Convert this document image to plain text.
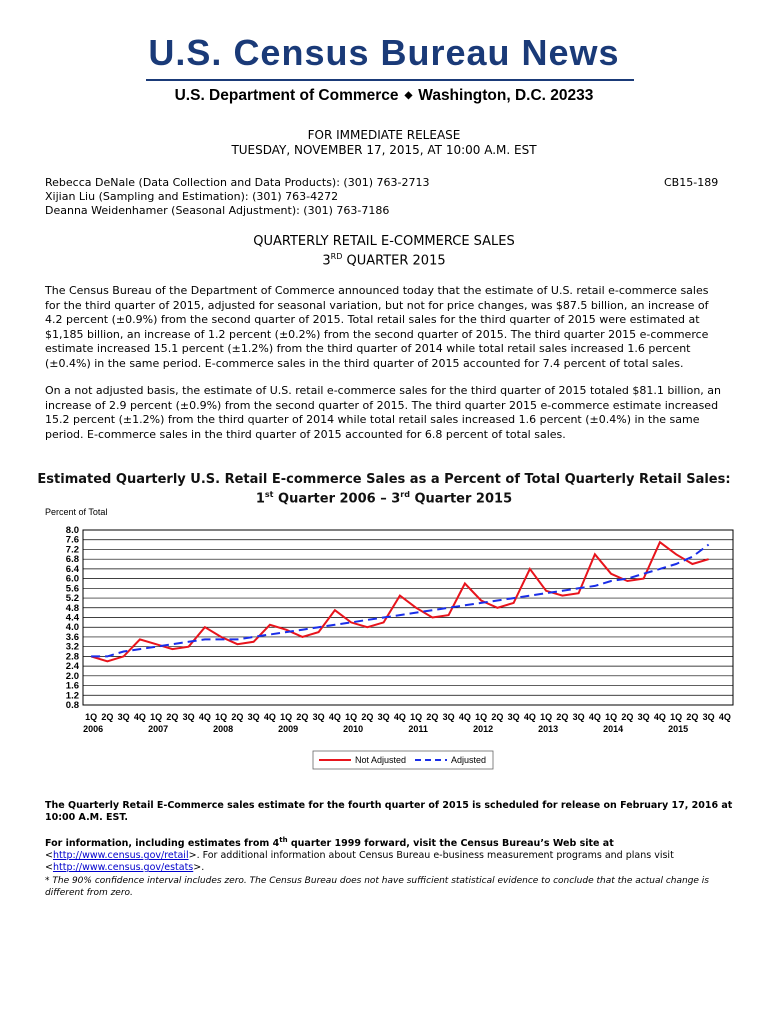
U.S. Census Bureau News
U.S. Department of Commerce ◆ Washington, D.C. 20233
FOR IMMEDIATE RELEASE
TUESDAY, NOVEMBER 17, 2015, AT 10:00 A.M. EST
Rebecca DeNale (Data Collection and Data Products): (301) 763-2713
Xijian Liu (Sampling and Estimation): (301) 763-4272
Deanna Weidenhamer (Seasonal Adjustment): (301) 763-7186
CB15-189
QUARTERLY RETAIL E-COMMERCE SALES
3RD QUARTER 2015
The Census Bureau of the Department of Commerce announced today that the estimate of U.S. retail e-commerce sales for the third quarter of 2015, adjusted for seasonal variation, but not for price changes, was $87.5 billion, an increase of 4.2 percent (±0.9%) from the second quarter of 2015. Total retail sales for the third quarter of 2015 were estimated at $1,185 billion, an increase of 1.2 percent (±0.2%) from the second quarter of 2015. The third quarter 2015 e-commerce estimate increased 15.1 percent (±1.2%) from the third quarter of 2014 while total retail sales increased 1.6 percent (±0.4%) in the same period. E-commerce sales in the third quarter of 2015 accounted for 7.4 percent of total sales.
On a not adjusted basis, the estimate of U.S. retail e-commerce sales for the third quarter of 2015 totaled $81.1 billion, an increase of 2.9 percent (±0.9%) from the second quarter of 2015. The third quarter 2015 e-commerce estimate increased 15.2 percent (±1.2%) from the third quarter of 2014 while total retail sales increased 1.6 percent (±0.4%) in the same period. E-commerce sales in the third quarter of 2015 accounted for 6.8 percent of total sales.
Estimated Quarterly U.S. Retail E-commerce Sales as a Percent of Total Quarterly Retail Sales:
1st Quarter 2006 – 3rd Quarter 2015
Percent of Total
0.8
1.2
1.6
2.0
2.4
2.8
3.2
3.6
4.0
4.4
4.8
5.2
5.6
6.0
6.4
6.8
7.2
7.6
8.0
1Q 2Q 3Q 4Q
2006
1Q 2Q 3Q 4Q
2007
1Q 2Q 3Q 4Q
2008
1Q 2Q 3Q 4Q
2009
1Q 2Q 3Q 4Q
2010
1Q 2Q 3Q 4Q
2011
1Q 2Q 3Q 4Q
2012
1Q 2Q 3Q 4Q
2013
1Q 2Q 3Q 4Q
2014
1Q 2Q 3Q 4Q
2015
Not Adjusted	Adjusted
The Quarterly Retail E-Commerce sales estimate for the fourth quarter of 2015 is scheduled for release on February 17, 2016 at 10:00 A.M. EST.
For information, including estimates from 4th quarter 1999 forward, visit the Census Bureau’s Web site at
<http://www.census.gov/retail>. For additional information about Census Bureau e-business measurement programs and plans visit
<http://www.census.gov/estats>.
* The 90% confidence interval includes zero. The Census Bureau does not have sufficient statistical evidence to conclude that the actual change is different from zero.
